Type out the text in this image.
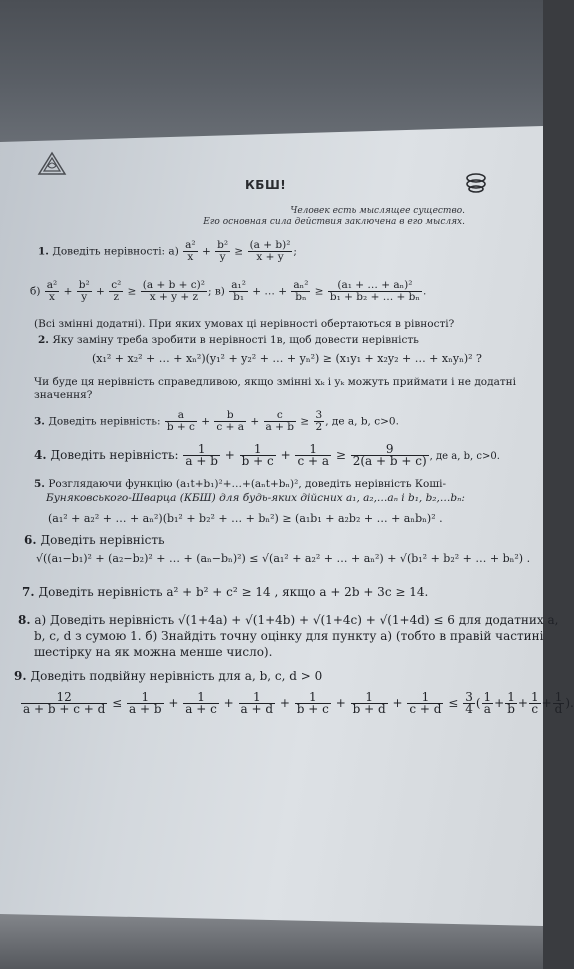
КБШ!
Человек есть мыслящее существо.
Его основная сила действия заключена в его мыслях.
1. Доведіть нерівності: $а) \frac{\text{a²}}{x} + \frac{\text{b²}}{y} \ge \frac{\text{(a + b)²}}{x + y}$ ;
$б) \frac{\text{a²}}{x} + \frac{\text{b²}}{y} + \frac{\text{c²}}{z} \ge \frac{\text{(a + b + c)²}}{x + y + z}$ ; $в) \frac{\text{a₁²}}{\text{b₁}}$ + … + $\frac{\text{aₙ²}}{\text{bₙ}} \ge \frac{\text{(a₁ + … + aₙ)²}}{\text{b₁ + b₂ + … + bₙ}}$ .
(Всі змінні додатні). При яких умовах ці нерівності обертаються в рівності?
2. Яку заміну треба зробити в нерівності 1в, щоб довести нерівність
(x₁² + x₂² + … + xₙ²)(y₁² + y₂² + … + yₙ²) ≥ (x₁y₁ + x₂y₂ + … + xₙyₙ)² ?
Чи буде ця нерівність справедливою, якщо змінні xₖ і yₖ можуть приймати і не додатні
значення?
3. Доведіть нерівність: $\frac{a}{b + c} + \frac{b}{c + a} + \frac{c}{a + b} \ge \frac{3}{2}$ , де a, b, c>0.
4. Доведіть нерівність: $\frac{1}{a + b} + \frac{1}{b + c} + \frac{1}{c + a} \ge \frac{9}{2(a + b + c)}$ , де a, b, c>0.
5. Розглядаючи функцію (a₁t+b₁)²+…+(aₙt+bₙ)², доведіть нерівність Коші-
Буняковського-Шварца (КБШ) для будь-яких дійсних a₁, a₂,…aₙ і b₁, b₂,…bₙ:
(a₁² + a₂² + … + aₙ²)(b₁² + b₂² + … + bₙ²) ≥ (a₁b₁ + a₂b₂ + … + aₙbₙ)² .
6. Доведіть нерівність
√((a₁−b₁)² + (a₂−b₂)² + … + (aₙ−bₙ)²) ≤ √(a₁² + a₂² + … + aₙ²) + √(b₁² + b₂² + … + bₙ²) .
7. Доведіть нерівність a² + b² + c² ≥ 14 , якщо a + 2b + 3c ≥ 14.
8. а) Доведіть нерівність √(1+4a) + √(1+4b) + √(1+4c) + √(1+4d) ≤ 6 для додатних a,
b, c, d з сумою 1. б) Знайдіть точну оцінку для пункту а) (тобто в правій частині
шестірку на як можна менше число).
9. Доведіть подвійну нерівність для a, b, c, d > 0
$\frac{12}{a + b + c + d} \le \frac{1}{a + b} + \frac{1}{a + c} + \frac{1}{a + d} + \frac{1}{b + c} + \frac{1}{b + d} + \frac{1}{c + d} \le \frac{3}{4}$ ( $\frac{1}{a} + \frac{1}{b} + \frac{1}{c} + \frac{1}{d}$ ).
